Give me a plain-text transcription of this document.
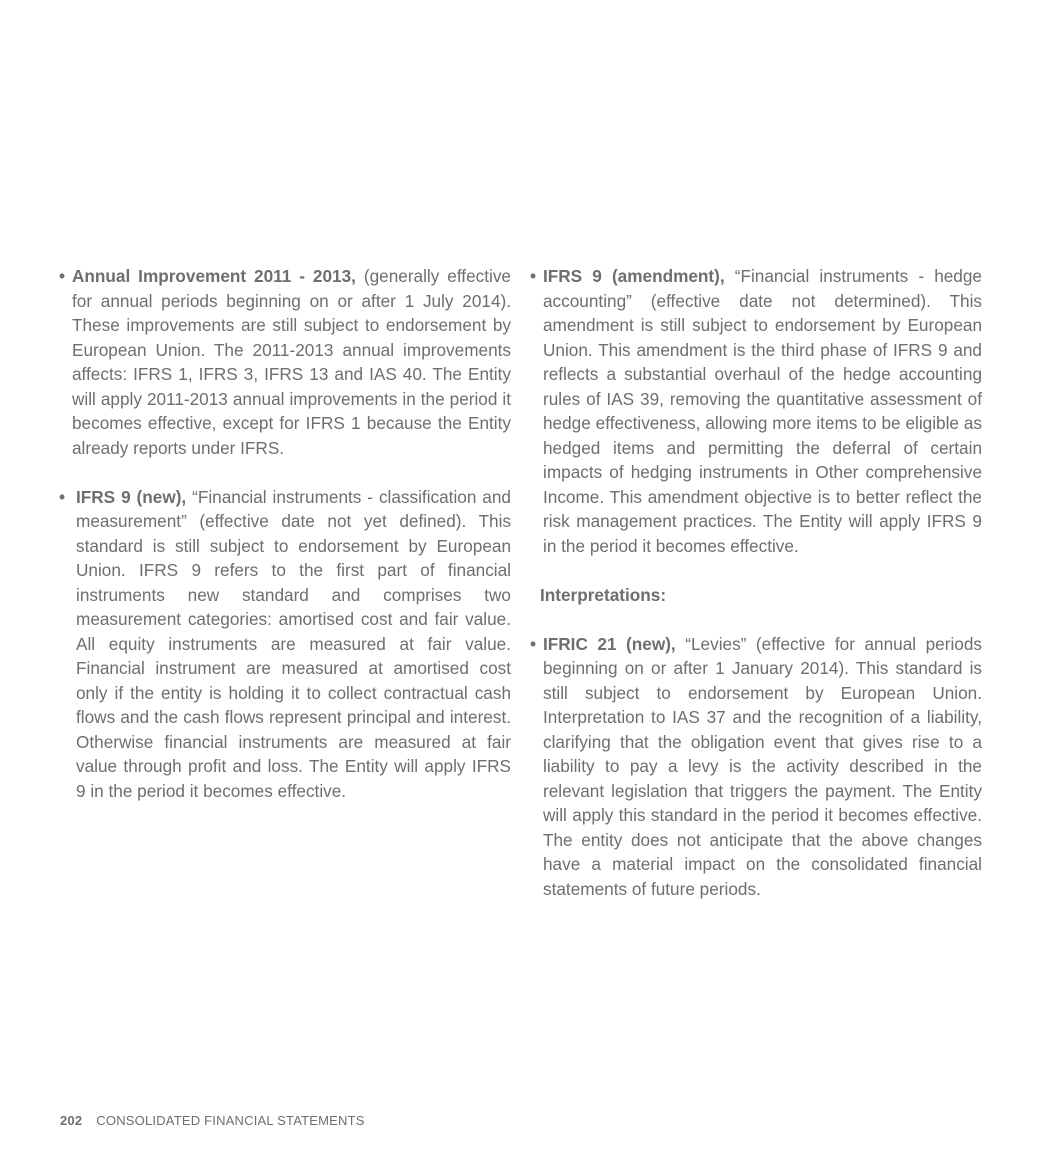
• Annual Improvement 2011 - 2013, (generally effective for annual periods beginning on or after 1 July 2014). These improvements are still subject to endorsement by European Union. The 2011-2013 annual improvements affects: IFRS 1, IFRS 3, IFRS 13 and IAS 40. The Entity will apply 2011-2013 annual improvements in the period it becomes effective, except for IFRS 1 because the Entity already reports under IFRS.

• IFRS 9 (new), “Financial instruments - classification and measurement” (effective date not yet defined). This standard is still subject to endorsement by European Union. IFRS 9 refers to the first part of financial instruments new standard and comprises two measurement categories: amortised cost and fair value. All equity instruments are measured at fair value. Financial instrument are measured at amortised cost only if the entity is holding it to collect contractual cash flows and the cash flows represent principal and interest. Otherwise financial instruments are measured at fair value through profit and loss. The Entity will apply IFRS 9 in the period it becomes effective.

• IFRS 9 (amendment), “Financial instruments - hedge accounting” (effective date not determined). This amendment is still subject to endorsement by European Union. This amendment is the third phase of IFRS 9 and reflects a substantial overhaul of the hedge accounting rules of IAS 39, removing the quantitative assessment of hedge effectiveness, allowing more items to be eligible as hedged items and permitting the deferral of certain impacts of hedging instruments in Other comprehensive Income. This amendment objective is to better reflect the risk management practices. The Entity will apply IFRS 9 in the period it becomes effective.

Interpretations:

• IFRIC 21 (new), “Levies” (effective for annual periods beginning on or after 1 January 2014). This standard is still subject to endorsement by European Union. Interpretation to IAS 37 and the recognition of a liability, clarifying that the obligation event that gives rise to a liability to pay a levy is the activity described in the relevant legislation that triggers the payment. The Entity will apply this standard in the period it becomes effective. The entity does not anticipate that the above changes have a material impact on the consolidated financial statements of future periods.

202 CONSOLIDATED FINANCIAL STATEMENTS
